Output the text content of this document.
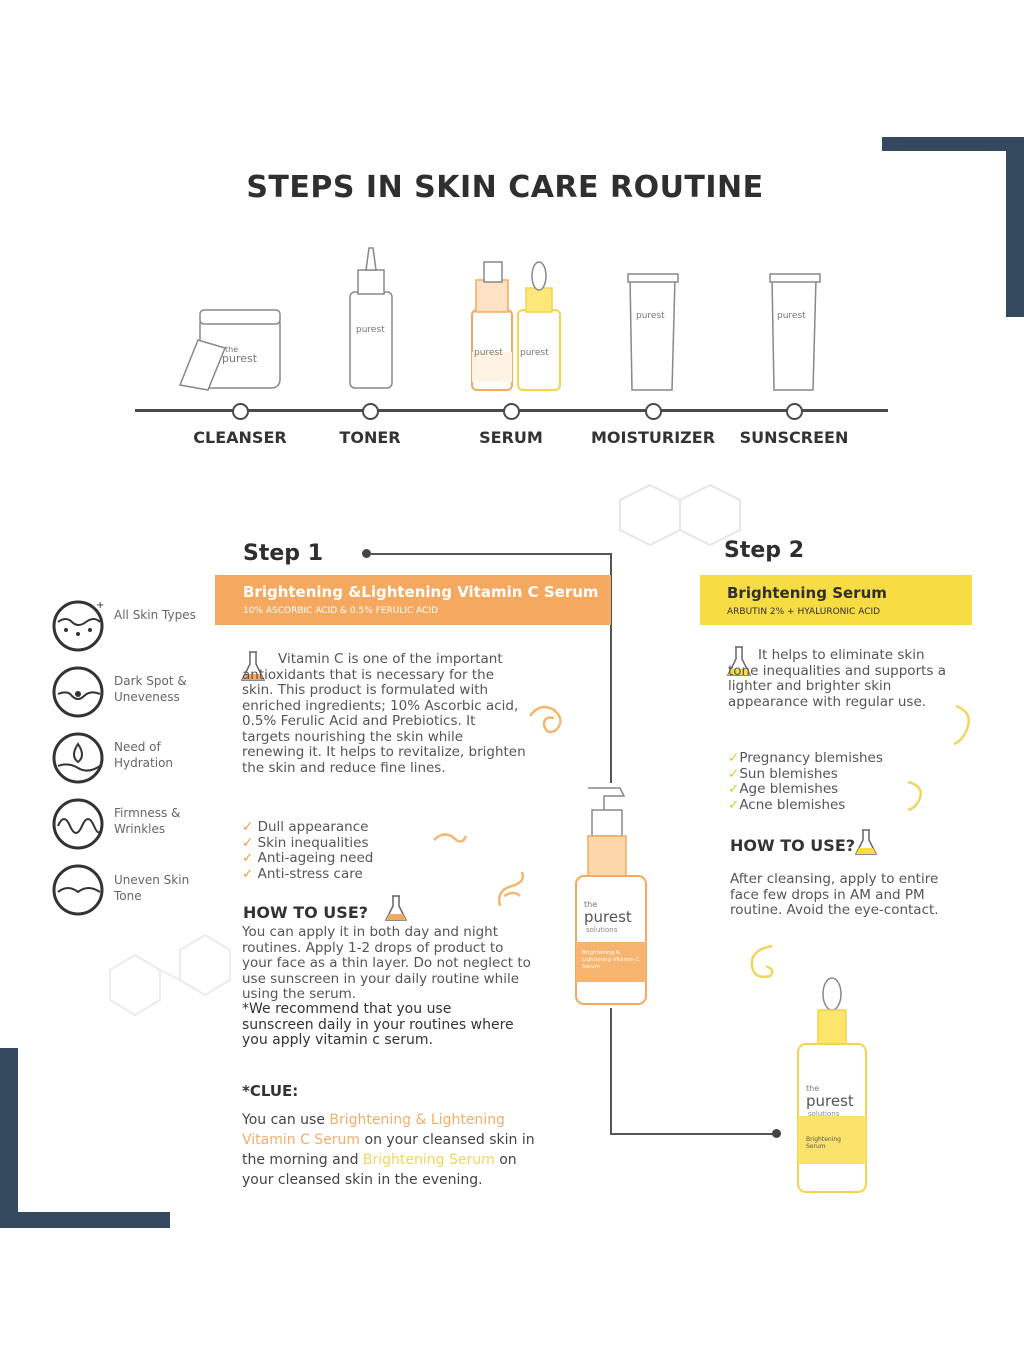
STEPS IN SKIN CARE ROUTINE
the
purest
purest
purest purest
purest	purest
CLEANSER	TONER	SERUM	MOISTURIZER	SUNSCREEN
+
All Skin Types
Dark Spot & Uneveness
Need of Hydration
Firmness & Wrinkles
Uneven Skin Tone
Step 1
Brightening &Lightening Vitamin C Serum
10% ASCORBIC ACID & 0.5% FERULIC ACID
Vitamin C is one of the important antioxidants that is necessary for the skin. This product is formulated with enriched ingredients; 10% Ascorbic acid, 0.5% Ferulic Acid and Prebiotics. It targets nourishing the skin while renewing it. It helps to revitalize, brighten the skin and reduce fine lines.
✓ Dull appearance
✓ Skin inequalities
✓ Anti-ageing need
✓ Anti-stress care
HOW TO USE?
You can apply it in both day and night routines. Apply 1-2 drops of product to your face as a thin layer. Do not neglect to use sunscreen in your daily routine while using the serum.
*We recommend that you use sunscreen daily in your routines where you apply vitamin c serum.
the
purest
solutions
Brightening & Lightening Vitamin C Serum
*CLUE:
You can use Brightening & Lightening Vitamin C Serum on your cleansed skin in the morning and Brightening Serum on your cleansed skin in the evening.
Step 2
Brightening Serum
ARBUTIN 2% + HYALURONIC ACID
It helps to eliminate skin tone inequalities and supports a lighter and brighter skin appearance with regular use.
✓Pregnancy blemishes
✓Sun blemishes
✓Age blemishes
✓Acne blemishes
HOW TO USE?
After cleansing, apply to entire face few drops in AM and PM routine. Avoid the eye-contact.
the
purest
solutions
Brightening Serum
